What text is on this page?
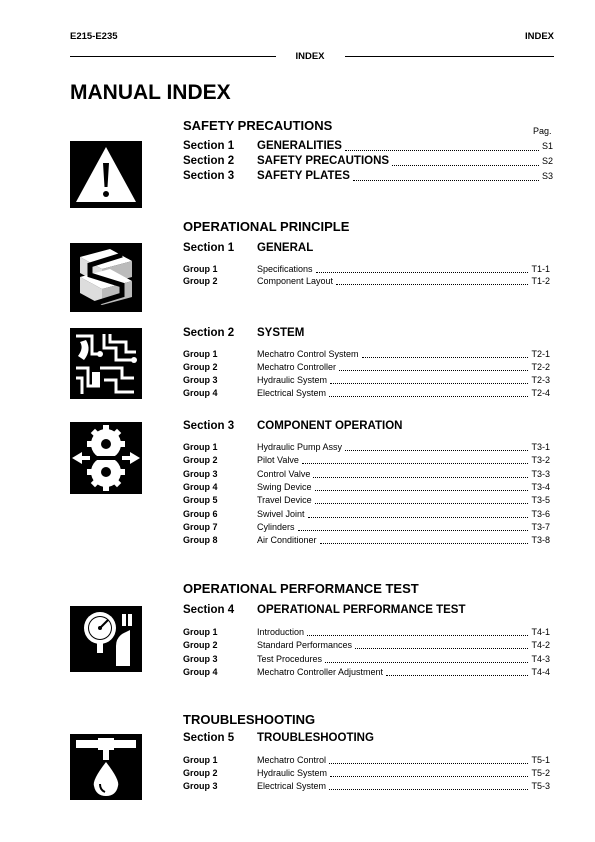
E215-E235	INDEX
INDEX
MANUAL INDEX
SAFETY PRECAUTIONS	Pag.
Section 1	GENERALITIES	S1
Section 2	SAFETY PRECAUTIONS	S2
Section 3	SAFETY PLATES	S3
OPERATIONAL PRINCIPLE
Section 1	GENERAL
Group 1	Specifications	T1-1
Group 2	Component Layout	T1-2
Section 2	SYSTEM
Group 1	Mechatro Control System	T2-1
Group 2	Mechatro Controller	T2-2
Group 3	Hydraulic System	T2-3
Group 4	Electrical System	T2-4
Section 3	COMPONENT OPERATION
Group 1	Hydraulic Pump Assy	T3-1
Group 2	Pilot Valve	T3-2
Group 3	Control Valve	T3-3
Group 4	Swing Device	T3-4
Group 5	Travel Device	T3-5
Group 6	Swivel Joint	T3-6
Group 7	Cylinders	T3-7
Group 8	Air Conditioner	T3-8
OPERATIONAL PERFORMANCE TEST
Section 4	OPERATIONAL PERFORMANCE TEST
Group 1	Introduction	T4-1
Group 2	Standard Performances	T4-2
Group 3	Test Procedures	T4-3
Group 4	Mechatro Controller Adjustment	T4-4
TROUBLESHOOTING
Section 5	TROUBLESHOOTING
Group 1	Mechatro Control	T5-1
Group 2	Hydraulic System	T5-2
Group 3	Electrical System	T5-3
